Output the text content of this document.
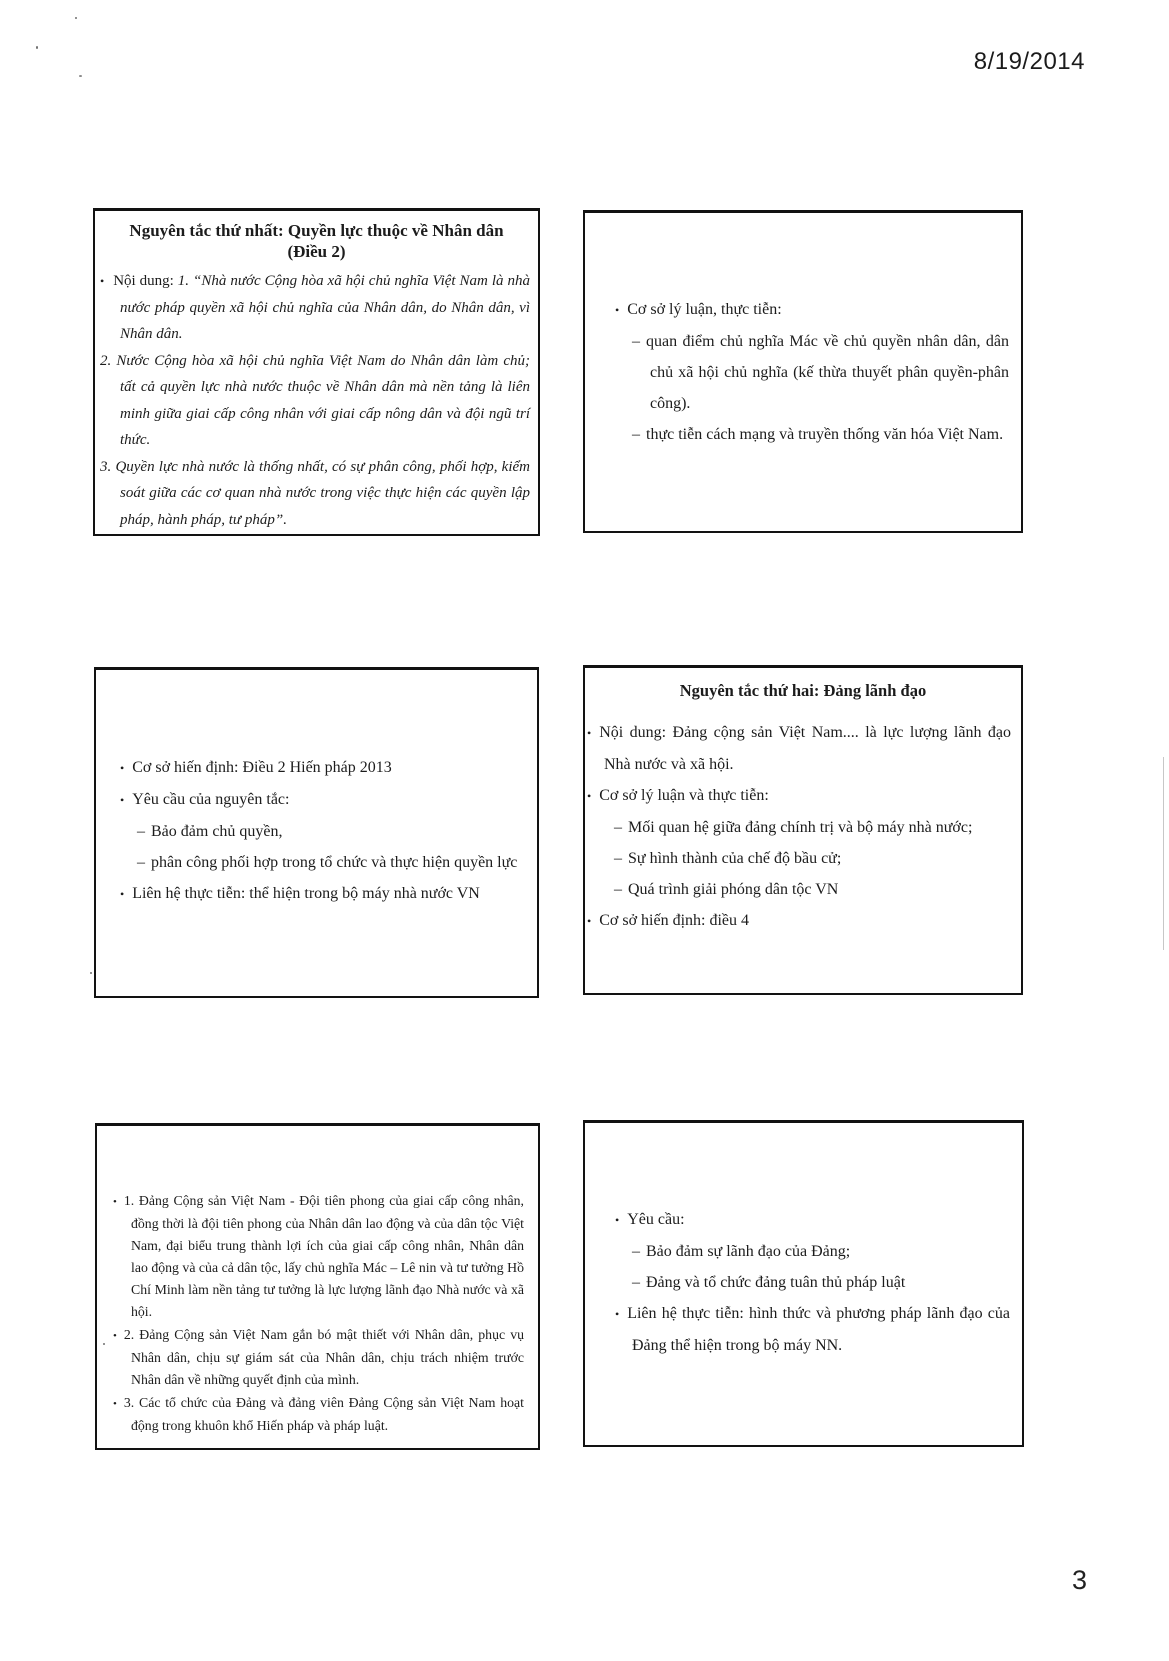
8/19/2014
Nguyên tắc thứ nhất: Quyền lực thuộc về Nhân dân
(Điều 2)
• Nội dung: 1. “Nhà nước Cộng hòa xã hội chủ nghĩa Việt Nam là nhà nước pháp quyền xã hội chủ nghĩa của Nhân dân, do Nhân dân, vì Nhân dân.
2. Nước Cộng hòa xã hội chủ nghĩa Việt Nam do Nhân dân làm chủ; tất cả quyền lực nhà nước thuộc về Nhân dân mà nền tảng là liên minh giữa giai cấp công nhân với giai cấp nông dân và đội ngũ trí thức.
3. Quyền lực nhà nước là thống nhất, có sự phân công, phối hợp, kiểm soát giữa các cơ quan nhà nước trong việc thực hiện các quyền lập pháp, hành pháp, tư pháp”.
• Cơ sở lý luận, thực tiễn:
– quan điểm chủ nghĩa Mác về chủ quyền nhân dân, dân chủ xã hội chủ nghĩa (kế thừa thuyết phân quyền-phân công).
– thực tiễn cách mạng và truyền thống văn hóa Việt Nam.
• Cơ sở hiến định: Điều 2 Hiến pháp 2013
• Yêu cầu của nguyên tắc:
– Bảo đảm chủ quyền,
– phân công phối hợp trong tổ chức và thực hiện quyền lực
• Liên hệ thực tiễn: thể hiện trong bộ máy nhà nước VN
Nguyên tắc thứ hai: Đảng lãnh đạo
• Nội dung: Đảng cộng sản Việt Nam.... là lực lượng lãnh đạo Nhà nước và xã hội.
• Cơ sở lý luận và thực tiễn:
– Mối quan hệ giữa đảng chính trị và bộ máy nhà nước;
– Sự hình thành của chế độ bầu cử;
– Quá trình giải phóng dân tộc VN
• Cơ sở hiến định: điều 4
• 1. Đảng Cộng sản Việt Nam - Đội tiên phong của giai cấp công nhân, đồng thời là đội tiên phong của Nhân dân lao động và của dân tộc Việt Nam, đại biểu trung thành lợi ích của giai cấp công nhân, Nhân dân lao động và của cả dân tộc, lấy chủ nghĩa Mác – Lê nin và tư tưởng Hồ Chí Minh làm nền tảng tư tưởng là lực lượng lãnh đạo Nhà nước và xã hội.
• 2. Đảng Cộng sản Việt Nam gắn bó mật thiết với Nhân dân, phục vụ Nhân dân, chịu sự giám sát của Nhân dân, chịu trách nhiệm trước Nhân dân về những quyết định của mình.
• 3. Các tổ chức của Đảng và đảng viên Đảng Cộng sản Việt Nam hoạt động trong khuôn khổ Hiến pháp và pháp luật.
• Yêu cầu:
– Bảo đảm sự lãnh đạo của Đảng;
– Đảng và tổ chức đảng tuân thủ pháp luật
• Liên hệ thực tiễn: hình thức và phương pháp lãnh đạo của Đảng thể hiện trong bộ máy NN.
3
